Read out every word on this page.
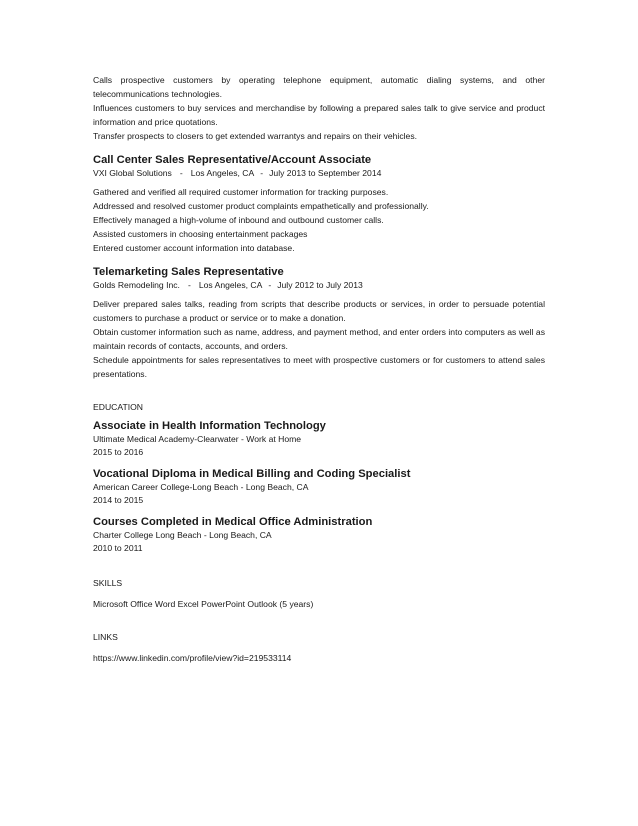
Calls prospective customers by operating telephone equipment, automatic dialing systems, and other telecommunications technologies.

Influences customers to buy services and merchandise by following a prepared sales talk to give service and product information and price quotations.

Transfer prospects to closers to get extended warrantys and repairs on their vehicles.

Call Center Sales Representative/Account Associate
VXI Global Solutions - Los Angeles, CA - July 2013 to September 2014

Gathered and verified all required customer information for tracking purposes.

Addressed and resolved customer product complaints empathetically and professionally.

Effectively managed a high-volume of inbound and outbound customer calls.

Assisted customers in choosing entertainment packages

Entered customer account information into database.

Telemarketing Sales Representative
Golds Remodeling Inc. - Los Angeles, CA - July 2012 to July 2013

Deliver prepared sales talks, reading from scripts that describe products or services, in order to persuade potential customers to purchase a product or service or to make a donation.

Obtain customer information such as name, address, and payment method, and enter orders into computers as well as maintain records of contacts, accounts, and orders.

Schedule appointments for sales representatives to meet with prospective customers or for customers to attend sales presentations.

EDUCATION
Associate in Health Information Technology
Ultimate Medical Academy-Clearwater - Work at Home
2015 to 2016
Vocational Diploma in Medical Billing and Coding Specialist
American Career College-Long Beach - Long Beach, CA
2014 to 2015
Courses Completed in Medical Office Administration
Charter College Long Beach - Long Beach, CA
2010 to 2011
SKILLS
Microsoft Office Word Excel PowerPoint Outlook (5 years)
LINKS
https://www.linkedin.com/profile/view?id=219533114
